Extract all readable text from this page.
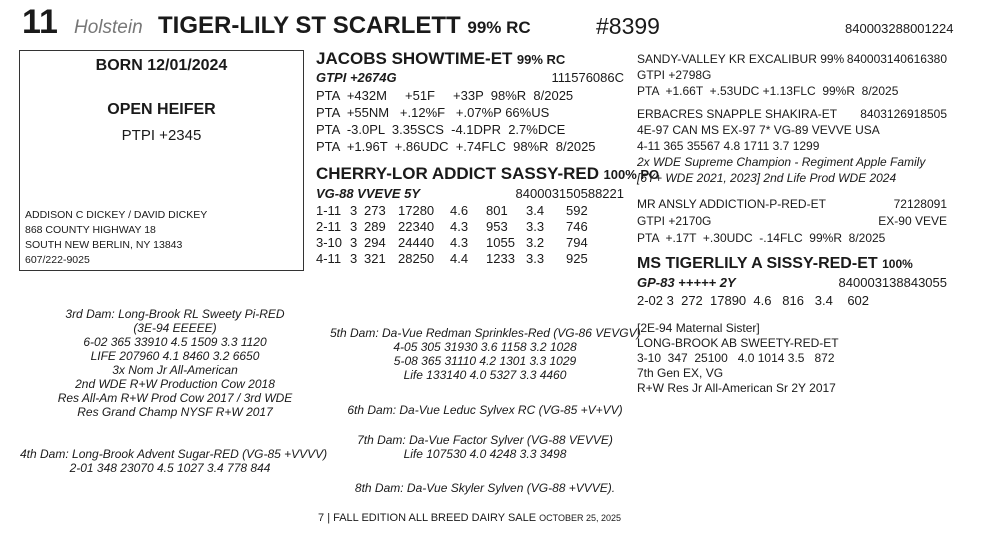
11 Holstein TIGER-LILY ST SCARLETT 99% RC	#8399	840003288001224
BORN 12/01/2024
OPEN HEIFER
PTPI +2345
ADDISON C DICKEY / DAVID DICKEY
868 COUNTY HIGHWAY 18
SOUTH NEW BERLIN, NY 13843
607/222-9025
JACOBS SHOWTIME-ET 99% RC
GTPI +2674G	111576086C
PTA  +432M     +51F     +33P  98%R  8/2025
PTA  +55NM   +.12%F   +.07%P 66%US
PTA  -3.0PL  3.35SCS  -4.1DPR  2.7%DCE
PTA  +1.96T  +.86UDC  +.74FLC  98%R  8/2025
CHERRY-LOR ADDICT SASSY-RED 100% PO
VG-88 VVEVE 5Y	840003150588221
1-11	3	273	17280	4.6	801	3.4	592
2-11	3	289	22340	4.3	953	3.3	746
3-10	3	294	24440	4.3	1055	3.2	794
4-11	3	321	28250	4.4	1233	3.3	925
SANDY-VALLEY KR EXCALIBUR 99% 840003140616380
GTPI +2798G
PTA  +1.66T  +.53UDC +1.13FLC  99%R  8/2025
ERBACRES SNAPPLE SHAKIRA-ET 8403126918505
4E-97 CAN MS EX-97 7* VG-89 VEVVE USA
4-11 365 35567 4.8 1711 3.7 1299
2x WDE Supreme Champion - Regiment Apple Family
[6Y+ WDE 2021, 2023] 2nd Life Prod WDE 2024
MR ANSLY ADDICTION-P-RED-ET	72128091
GTPI +2170G	EX-90 VEVE
PTA  +.17T  +.30UDC  -.14FLC  99%R  8/2025
MS TIGERLILY A SISSY-RED-ET 100%
GP-83 +++++ 2Y	840003138843055
2-02 3  272  17890  4.6   816   3.4    602
[2E-94 Maternal Sister]
LONG-BROOK AB SWEETY-RED-ET
3-10  347  25100   4.0 1014 3.5   872
7th Gen EX, VG
R+W Res Jr All-American Sr 2Y 2017
3rd Dam: Long-Brook RL Sweety Pi-RED
(3E-94 EEEEE)
6-02 365 33910 4.5 1509 3.3 1120
LIFE 207960 4.1 8460 3.2 6650
3x Nom Jr All-American
2nd WDE R+W Production Cow 2018
Res All-Am R+W Prod Cow 2017 / 3rd WDE
Res Grand Champ NYSF R+W 2017
4th Dam: Long-Brook Advent Sugar-RED (VG-85 +VVVV)
2-01 348 23070 4.5 1027 3.4 778 844
5th Dam: Da-Vue Redman Sprinkles-Red (VG-86 VEVGV)
4-05 305 31930 3.6 1158 3.2 1028
5-08 365 31110 4.2 1301 3.3 1029
Life 133140 4.0 5327 3.3 4460
6th Dam: Da-Vue Leduc Sylvex RC (VG-85 +V+VV)
7th Dam: Da-Vue Factor Sylver (VG-88 VEVVE)
Life 107530 4.0 4248 3.3 3498
8th Dam: Da-Vue Skyler Sylven (VG-88 +VVVE).
7 | FALL EDITION ALL BREED DAIRY SALE OCTOBER 25, 2025
